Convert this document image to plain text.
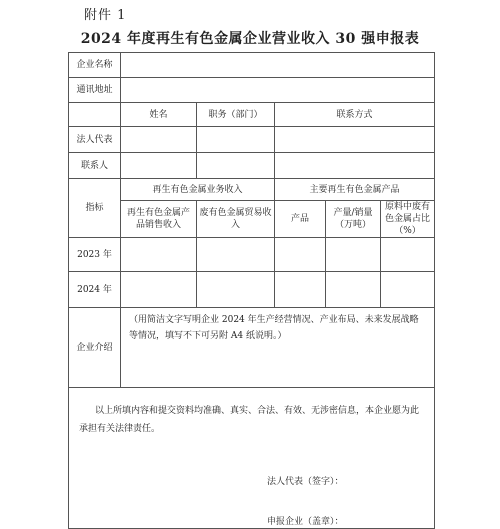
附件 1
2024 年度再生有色金属企业营业收入 30 强申报表
企业名称					
通讯地址					
	姓名	职务（部门）	联系方式		
法人代表					
联系人					
指标	再生有色金属业务收入		主要再生有色金属产品		
	再生有色金属产品销售收入	废有色金属贸易收入	产品	产量/销量（万吨）	原料中废有色金属占比（%）
2023 年					
2024 年					
企业介绍	（用简洁文字写明企业 2024 年生产经营情况、产业布局、未来发展战略等情况，填写不下可另附 A4 纸说明。）				

以上所填内容和提交资料均准确、真实、合法、有效、无涉密信息，本企业愿为此 承担有关法律责任。
法人代表（签字）：
申报企业（盖章）：					
